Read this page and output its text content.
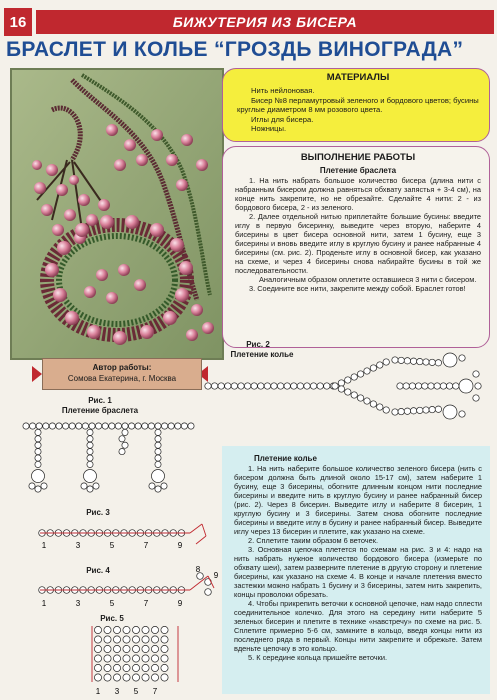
16	БИЖУТЕРИЯ ИЗ БИСЕРА
БРАСЛЕТ И КОЛЬЕ “ГРОЗДЬ ВИНОГРАДА”
МАТЕРИАЛЫ
Нить нейлоновая.
Бисер №8 перламутровый зеленого и бордового цветов; бусины круглые диаметром 8 мм розового цвета.
Иглы для бисера.
Ножницы.
ВЫПОЛНЕНИЕ РАБОТЫ
Плетение браслета

1. На нить набрать большое количество бисера (длина нити с набранным бисером должна равняться обхвату запястья + 3-4 см), на конце нить закрепите, но не обрезайте. Сделайте 4 нити: 2 - из бордового бисера, 2 - из зеленого.

2. Далее отдельной нитью приплетайте большие бусины: введите иглу в первую бисеринку, выведите через вторую, наберите 4 бисерины в цвет бисера основной нити, затем 1 бусину, еще 3 бисерины и вновь введите иглу в круглую бусину и ранее набранные 4 бисерины (см. рис. 2). Проденьте иглу в основной бисер, как указано на схеме, и через 4 бисерины снова набирайте бусины в той же последовательности.

Аналогичным образом оплетите оставшиеся 3 нити с бисером.

3. Соедините все нити, закрепите между собой. Браслет готов!

Автор работы:
Сомова Екатерина, г. Москва
Рис. 2
Плетение колье
Рис. 1
Плетение браслета
Рис. 3
1	3	5	7	9
Рис. 4
1	3	5	7	9
8
9
Рис. 5
1 3 5 7
Плетение колье

1. На нить наберите большое количество зеленого бисера (нить с бисером должна быть длиной около 15-17 см), затем наберите 1 бусину, еще 3 бисерины, обогните длинным концом нити последние бисерины и введите нить в круглую бусину и ранее набранный бисер (рис. 2). Через 8 бисерин. Выведите иглу и наберите 8 бисерин, 1 круглую бусину и 3 бисерины. Затем снова обогните последние бисерины и введите иглу в бусину и ранее набранный бисер. Выведите иглу через 13 бисерин и плетите, как указано на схеме.

2. Сплетите таким образом 6 веточек.

3. Основная цепочка плетется по схемам на рис. 3 и 4: надо на нить набрать нужное количество бордового бисера (измерьте по обхвату шеи), затем разверните плетение в другую сторону и плетение бисерины, как указано на схеме 4. В конце и начале плетения вместо застежки можно набрать 1 бусину и 3 бисерины, затем нить закрепить, концы проволоки обрезать.

4. Чтобы прикрепить веточки к основной цепочке, нам надо сплести соединительное колечко. Для этого на середину нити наберите 5 зеленых бисерин и плетите в технике «навстречу» по схеме на рис. 5. Сплетите примерно 5-6 см, замкните в кольцо, введя концы нити из последнего ряда в первый. Концы нити закрепите и обрежьте. Затем вденьте цепочку в это кольцо.

5. К середине кольца пришейте веточки.
